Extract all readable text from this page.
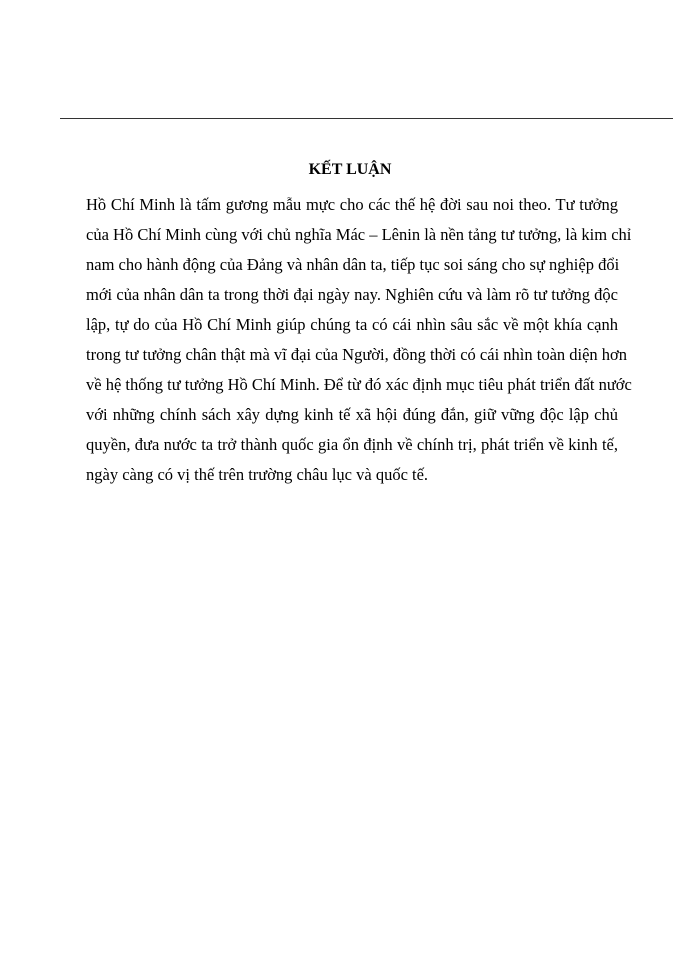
KẾT LUẬN
Hồ Chí Minh là tấm gương mẫu mực cho các thế hệ đời sau noi theo. Tư tưởng
của Hồ Chí Minh cùng với chủ nghĩa Mác – Lênin là nền tảng tư tưởng, là kim chỉ
nam cho hành động của Đảng và nhân dân ta, tiếp tục soi sáng cho sự nghiệp đổi
mới của nhân dân ta trong thời đại ngày nay. Nghiên cứu và làm rõ tư tưởng độc
lập, tự do của Hồ Chí Minh giúp chúng ta có cái nhìn sâu sắc về một khía cạnh
trong tư tưởng chân thật mà vĩ đại của Người, đồng thời có cái nhìn toàn diện hơn
về hệ thống tư tưởng Hồ Chí Minh. Để từ đó xác định mục tiêu phát triển đất nước
với những chính sách xây dựng kinh tế xã hội đúng đắn, giữ vững độc lập chủ
quyền, đưa nước ta trở thành quốc gia ổn định về chính trị, phát triển về kinh tế,
ngày càng có vị thế trên trường châu lục và quốc tế.
